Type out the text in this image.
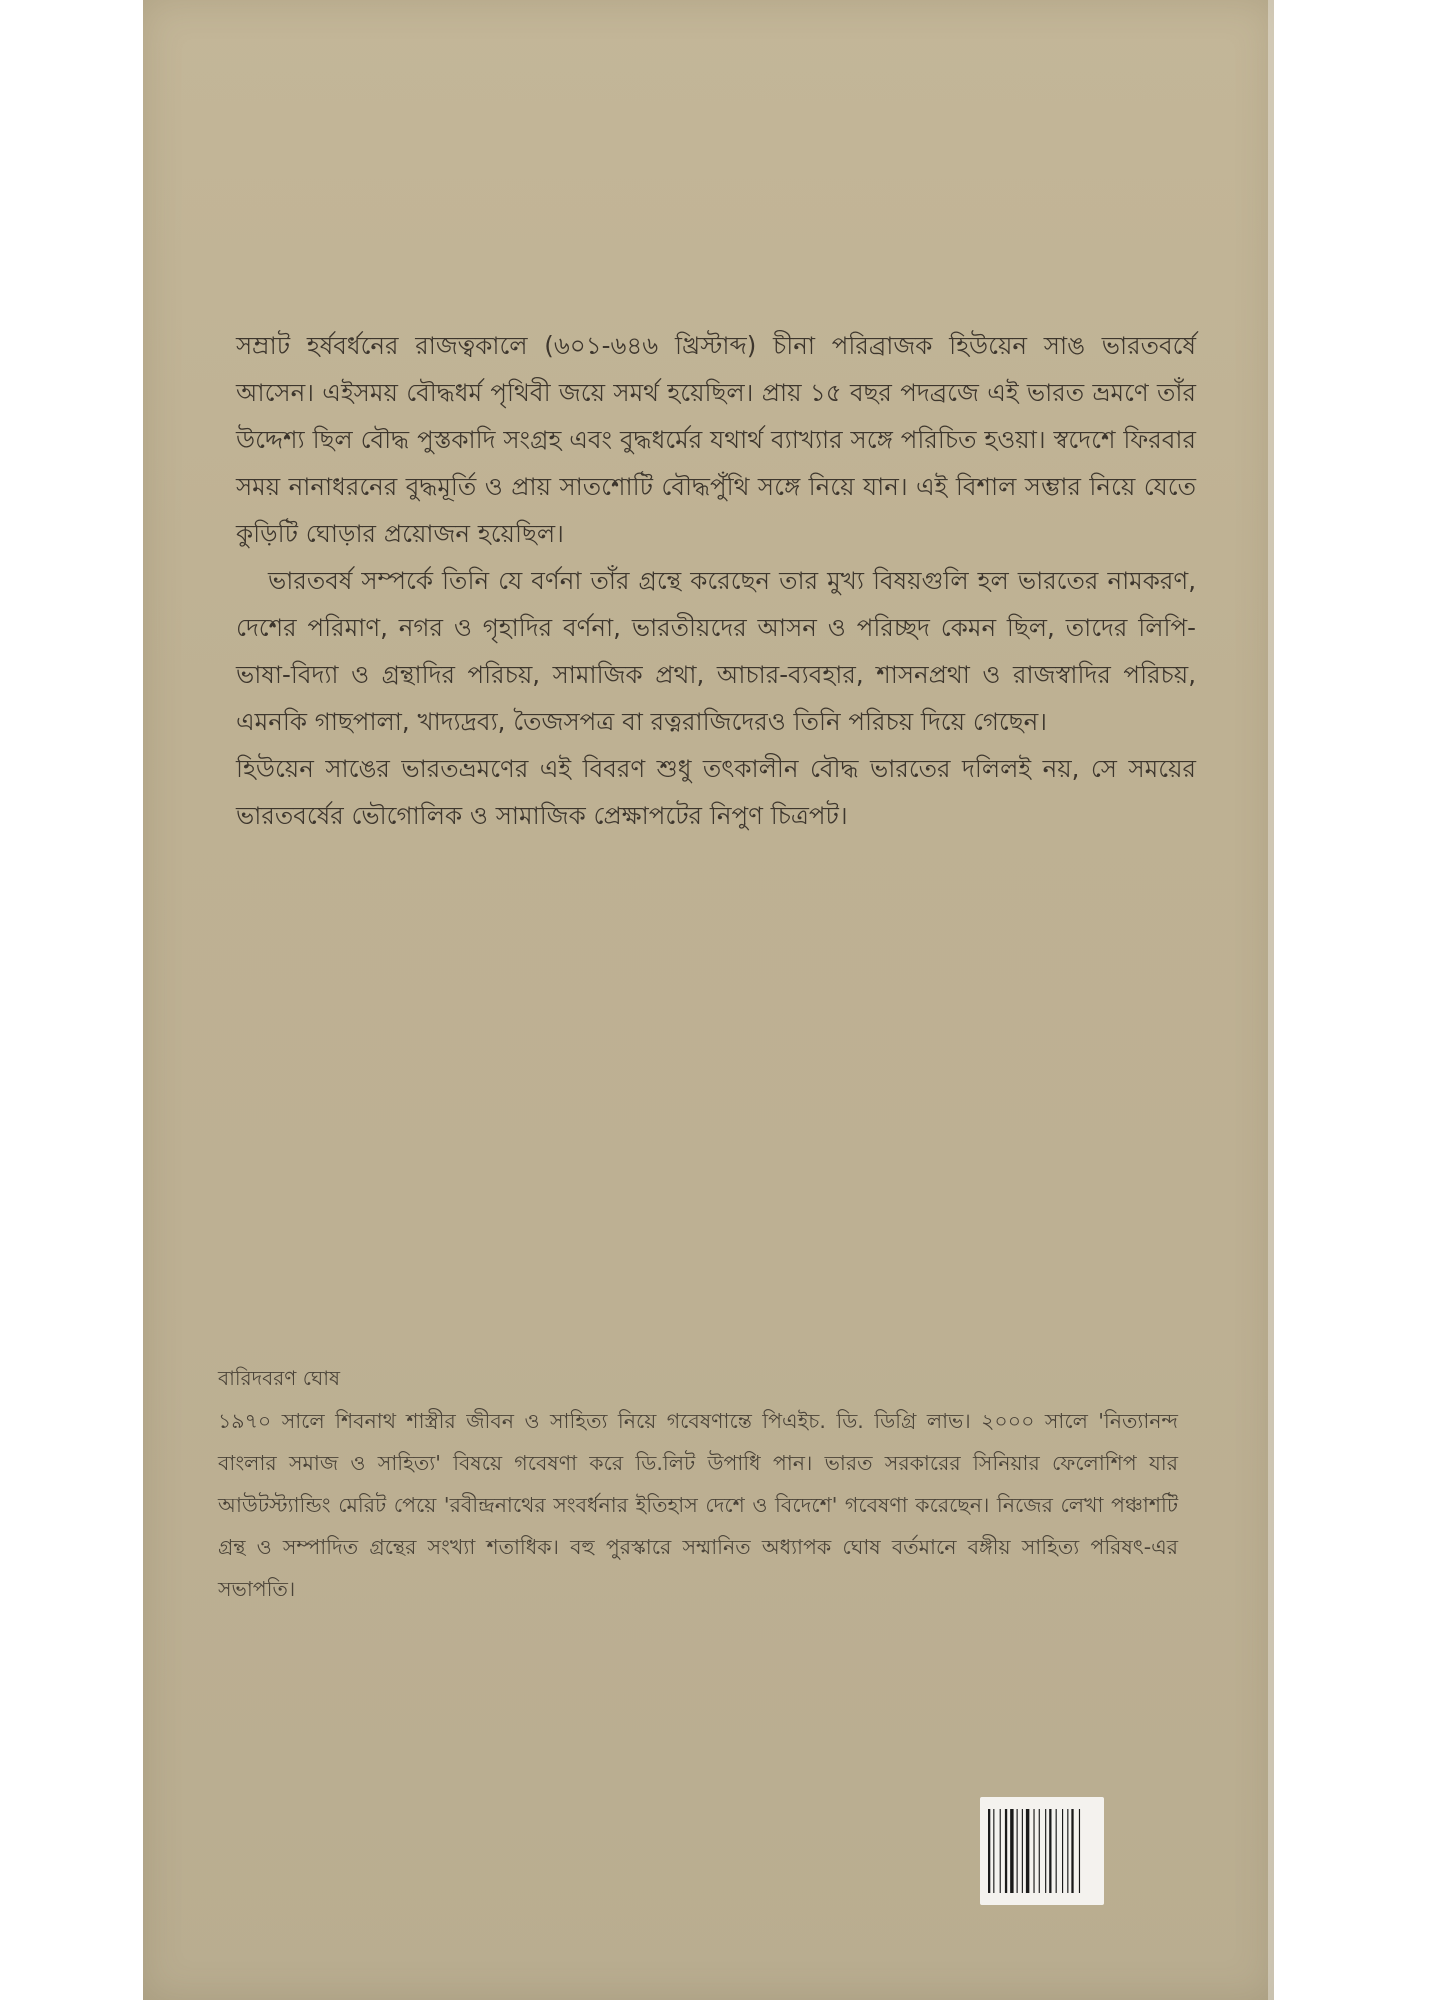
সম্রাট হর্ষবর্ধনের রাজত্বকালে (৬০১-৬৪৬ খ্রিস্টাব্দ) চীনা পরিব্রাজক হিউয়েন সাঙ ভারতবর্ষে আসেন। এইসময় বৌদ্ধধর্ম পৃথিবী জয়ে সমর্থ হয়েছিল। প্রায় ১৫ বছর পদব্রজে এই ভারত ভ্রমণে তাঁর উদ্দেশ্য ছিল বৌদ্ধ পুস্তকাদি সংগ্রহ এবং বুদ্ধধর্মের যথার্থ ব্যাখ্যার সঙ্গে পরিচিত হওয়া। স্বদেশে ফিরবার সময় নানাধরনের বুদ্ধমূর্তি ও প্রায় সাতশোটি বৌদ্ধপুঁথি সঙ্গে নিয়ে যান। এই বিশাল সম্ভার নিয়ে যেতে কুড়িটি ঘোড়ার প্রয়োজন হয়েছিল।

ভারতবর্ষ সম্পর্কে তিনি যে বর্ণনা তাঁর গ্রন্থে করেছেন তার মুখ্য বিষয়গুলি হল ভারতের নামকরণ, দেশের পরিমাণ, নগর ও গৃহাদির বর্ণনা, ভারতীয়দের আসন ও পরিচ্ছদ কেমন ছিল, তাদের লিপি-ভাষা-বিদ্যা ও গ্রন্থাদির পরিচয়, সামাজিক প্রথা, আচার-ব্যবহার, শাসনপ্রথা ও রাজস্বাদির পরিচয়, এমনকি গাছপালা, খাদ্যদ্রব্য, তৈজসপত্র বা রত্নরাজিদেরও তিনি পরিচয় দিয়ে গেছেন।

হিউয়েন সাঙের ভারতভ্রমণের এই বিবরণ শুধু তৎকালীন বৌদ্ধ ভারতের দলিলই নয়, সে সময়ের ভারতবর্ষের ভৌগোলিক ও সামাজিক প্রেক্ষাপটের নিপুণ চিত্রপট।

বারিদবরণ ঘোষ

১৯৭০ সালে শিবনাথ শাস্ত্রীর জীবন ও সাহিত্য নিয়ে গবেষণান্তে পিএইচ. ডি. ডিগ্রি লাভ। ২০০০ সালে 'নিত্যানন্দ বাংলার সমাজ ও সাহিত্য' বিষয়ে গবেষণা করে ডি.লিট উপাধি পান। ভারত সরকারের সিনিয়ার ফেলোশিপ যার আউটস্ট্যান্ডিং মেরিট পেয়ে 'রবীন্দ্রনাথের সংবর্ধনার ইতিহাস দেশে ও বিদেশে' গবেষণা করেছেন। নিজের লেখা পঞ্চাশটি গ্রন্থ ও সম্পাদিত গ্রন্থের সংখ্যা শতাধিক। বহু পুরস্কারে সম্মানিত অধ্যাপক ঘোষ বর্তমানে বঙ্গীয় সাহিত্য পরিষৎ-এর সভাপতি।
